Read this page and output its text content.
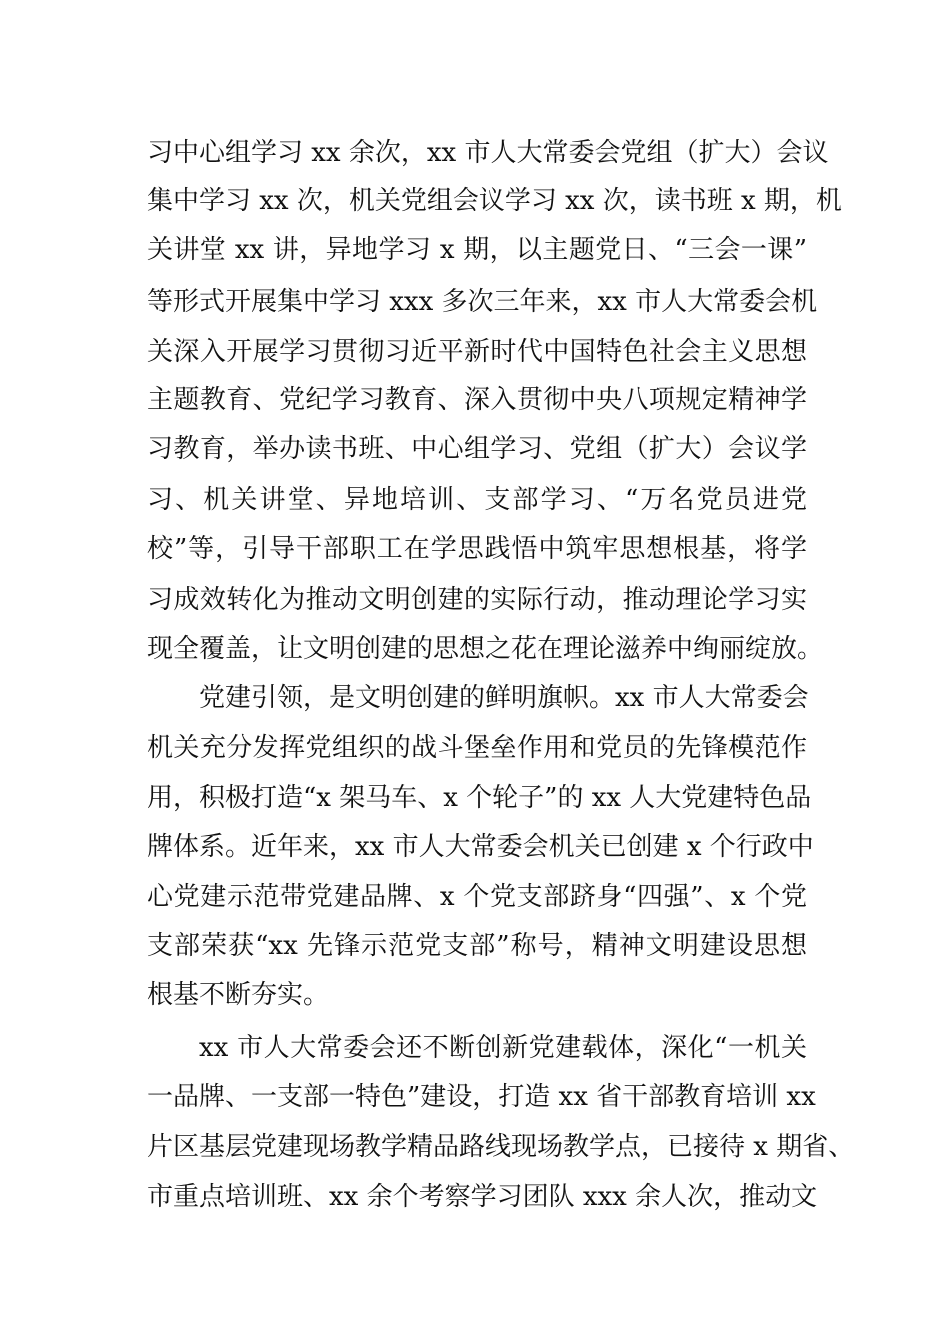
习中心组学习 xx 余次，xx 市人大常委会党组（扩大）会议
集中学习 xx 次，机关党组会议学习 xx 次，读书班 x 期，机
关讲堂 xx 讲，异地学习 x 期，以主题党日、“三会一课”
等形式开展集中学习 xxx 多次三年来，xx 市人大常委会机
关深入开展学习贯彻习近平新时代中国特色社会主义思想
主题教育、党纪学习教育、深入贯彻中央八项规定精神学
习教育，举办读书班、中心组学习、党组（扩大）会议学
习、机关讲堂、异地培训、支部学习、“万名党员进党
校”等，引导干部职工在学思践悟中筑牢思想根基，将学
习成效转化为推动文明创建的实际行动，推动理论学习实
现全覆盖，让文明创建的思想之花在理论滋养中绚丽绽放。
党建引领，是文明创建的鲜明旗帜。xx 市人大常委会
机关充分发挥党组织的战斗堡垒作用和党员的先锋模范作
用，积极打造“x 架马车、x 个轮子”的 xx 人大党建特色品
牌体系。近年来，xx 市人大常委会机关已创建 x 个行政中
心党建示范带党建品牌、x 个党支部跻身“四强”、x 个党
支部荣获“xx 先锋示范党支部”称号，精神文明建设思想
根基不断夯实。
xx 市人大常委会还不断创新党建载体，深化“一机关
一品牌、一支部一特色”建设，打造 xx 省干部教育培训 xx
片区基层党建现场教学精品路线现场教学点，已接待 x 期省、
市重点培训班、xx 余个考察学习团队 xxx 余人次，推动文
